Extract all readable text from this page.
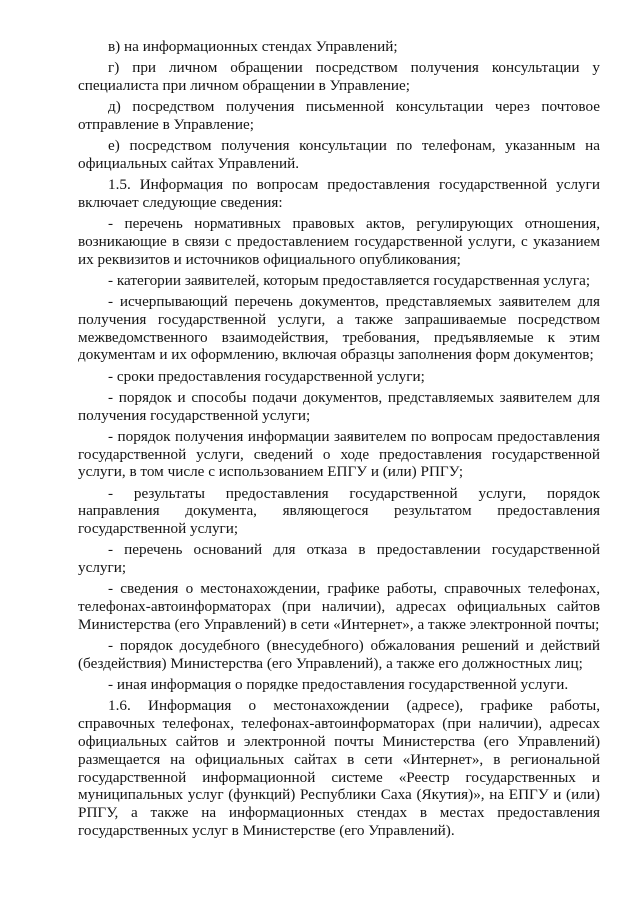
в) на информационных стендах Управлений;

г) при личном обращении посредством получения консультации у специалиста при личном обращении в Управление;

д) посредством получения письменной консультации через почтовое отправление в Управление;

е) посредством получения консультации по телефонам, указанным на официальных сайтах Управлений.

1.5. Информация по вопросам предоставления государственной услуги включает следующие сведения:

- перечень нормативных правовых актов, регулирующих отношения, возникающие в связи с предоставлением государственной услуги, с указанием их реквизитов и источников официального опубликования;

- категории заявителей, которым предоставляется государственная услуга;

- исчерпывающий перечень документов, представляемых заявителем для получения государственной услуги, а также запрашиваемые посредством межведомственного взаимодействия, требования, предъявляемые к этим документам и их оформлению, включая образцы заполнения форм документов;

- сроки предоставления государственной услуги;

- порядок и способы подачи документов, представляемых заявителем для получения государственной услуги;

- порядок получения информации заявителем по вопросам предоставления государственной услуги, сведений о ходе предоставления государственной услуги, в том числе с использованием ЕПГУ и (или) РПГУ;

- результаты предоставления государственной услуги, порядок направления документа, являющегося результатом предоставления государственной услуги;

- перечень оснований для отказа в предоставлении государственной услуги;

- сведения о местонахождении, графике работы, справочных телефонах, телефонах-автоинформаторах (при наличии), адресах официальных сайтов Министерства (его Управлений) в сети «Интернет», а также электронной почты;

- порядок досудебного (внесудебного) обжалования решений и действий (бездействия) Министерства (его Управлений), а также его должностных лиц;

- иная информация о порядке предоставления государственной услуги.

1.6. Информация о местонахождении (адресе), графике работы, справочных телефонах, телефонах-автоинформаторах (при наличии), адресах официальных сайтов и электронной почты Министерства (его Управлений) размещается на официальных сайтах в сети «Интернет», в региональной государственной информационной системе «Реестр государственных и муниципальных услуг (функций) Республики Саха (Якутия)», на ЕПГУ и (или) РПГУ, а также на информационных стендах в местах предоставления государственных услуг в Министерстве (его Управлений).
